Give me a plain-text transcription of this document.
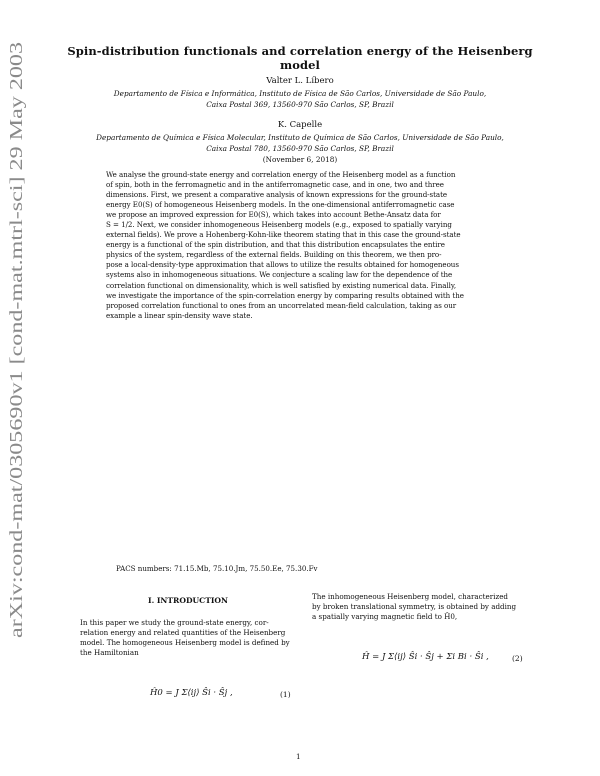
arXiv:cond-mat/0305690v1 [cond-mat.mtrl-sci] 29 May 2003
Spin-distribution functionals and correlation energy of the Heisenberg model
Valter L. Líbero
Departamento de Física e Informática, Instituto de Física de São Carlos, Universidade de São Paulo,
Caixa Postal 369, 13560-970 São Carlos, SP, Brazil
K. Capelle
Departamento de Química e Física Molecular, Instituto de Química de São Carlos, Universidade de São Paulo,
Caixa Postal 780, 13560-970 São Carlos, SP, Brazil
(November 6, 2018)
We analyse the ground-state energy and correlation energy of the Heisenberg model as a function
of spin, both in the ferromagnetic and in the antiferromagnetic case, and in one, two and three
dimensions. First, we present a comparative analysis of known expressions for the ground-state
energy E0(S) of homogeneous Heisenberg models. In the one-dimensional antiferromagnetic case
we propose an improved expression for E0(S), which takes into account Bethe-Ansatz data for
S = 1/2. Next, we consider inhomogeneous Heisenberg models (e.g., exposed to spatially varying
external fields). We prove a Hohenberg-Kohn-like theorem stating that in this case the ground-state
energy is a functional of the spin distribution, and that this distribution encapsulates the entire
physics of the system, regardless of the external fields. Building on this theorem, we then pro-
pose a local-density-type approximation that allows to utilize the results obtained for homogeneous
systems also in inhomogeneous situations. We conjecture a scaling law for the dependence of the
correlation functional on dimensionality, which is well satisfied by existing numerical data. Finally,
we investigate the importance of the spin-correlation energy by comparing results obtained with the
proposed correlation functional to ones from an uncorrelated mean-field calculation, taking as our
example a linear spin-density wave state.
PACS numbers: 71.15.Mb, 75.10.Jm, 75.50.Ee, 75.30.Fv
I. INTRODUCTION
In this paper we study the ground-state energy, cor-
relation energy and related quantities of the Heisenberg
model. The homogeneous Heisenberg model is defined by
the Hamiltonian
Ĥ0 = J Σ⟨ij⟩ Ŝi · Ŝj ,	(1)
The inhomogeneous Heisenberg model, characterized
by broken translational symmetry, is obtained by adding
a spatially varying magnetic field to Ĥ0,
Ĥ = J Σ⟨ij⟩ Ŝi · Ŝj + Σi Bi · Ŝi ,	(2)
1
